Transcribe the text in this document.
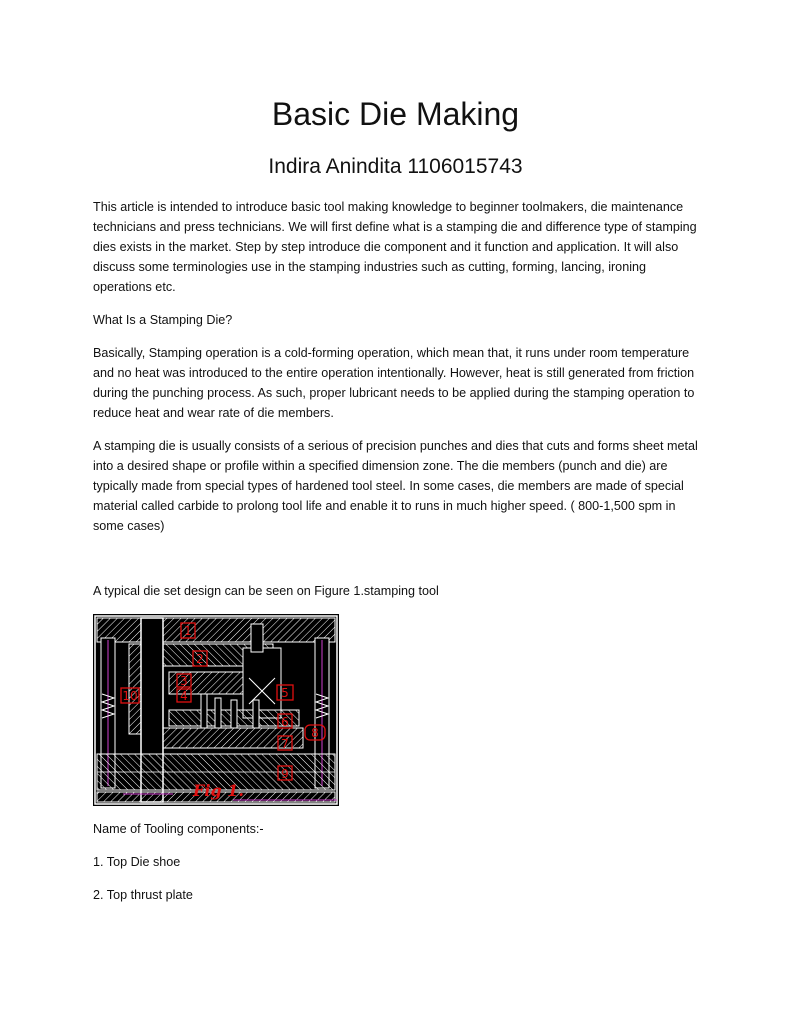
Basic Die Making
Indira Anindita 1106015743

This article is intended to introduce basic tool making knowledge to beginner toolmakers, die maintenance technicians and press technicians. We will first define what is a stamping die and difference type of stamping dies exists in the market. Step by step introduce die component and it function and application. It will also discuss some terminologies use in the stamping industries such as cutting, forming, lancing, ironing operations etc.

What Is a Stamping Die?

Basically, Stamping operation is a cold-forming operation, which mean that, it runs under room temperature and no heat was introduced to the entire operation intentionally. However, heat is still generated from friction during the punching process. As such, proper lubricant needs to be applied during the stamping operation to reduce heat and wear rate of die members.

A stamping die is usually consists of a serious of precision punches and dies that cuts and forms sheet metal into a desired shape or profile within a specified dimension zone. The die members (punch and die) are typically made from special types of hardened tool steel. In some cases, die members are made of special material called carbide to prolong tool life and enable it to runs in much higher speed. ( 800-1,500 spm in some cases)

A typical die set design can be seen on Figure 1.stamping tool

1
2
3
4	5
6
7
8
9
10
Fig 1.

Name of Tooling components:-

1. Top Die shoe

2. Top thrust plate
